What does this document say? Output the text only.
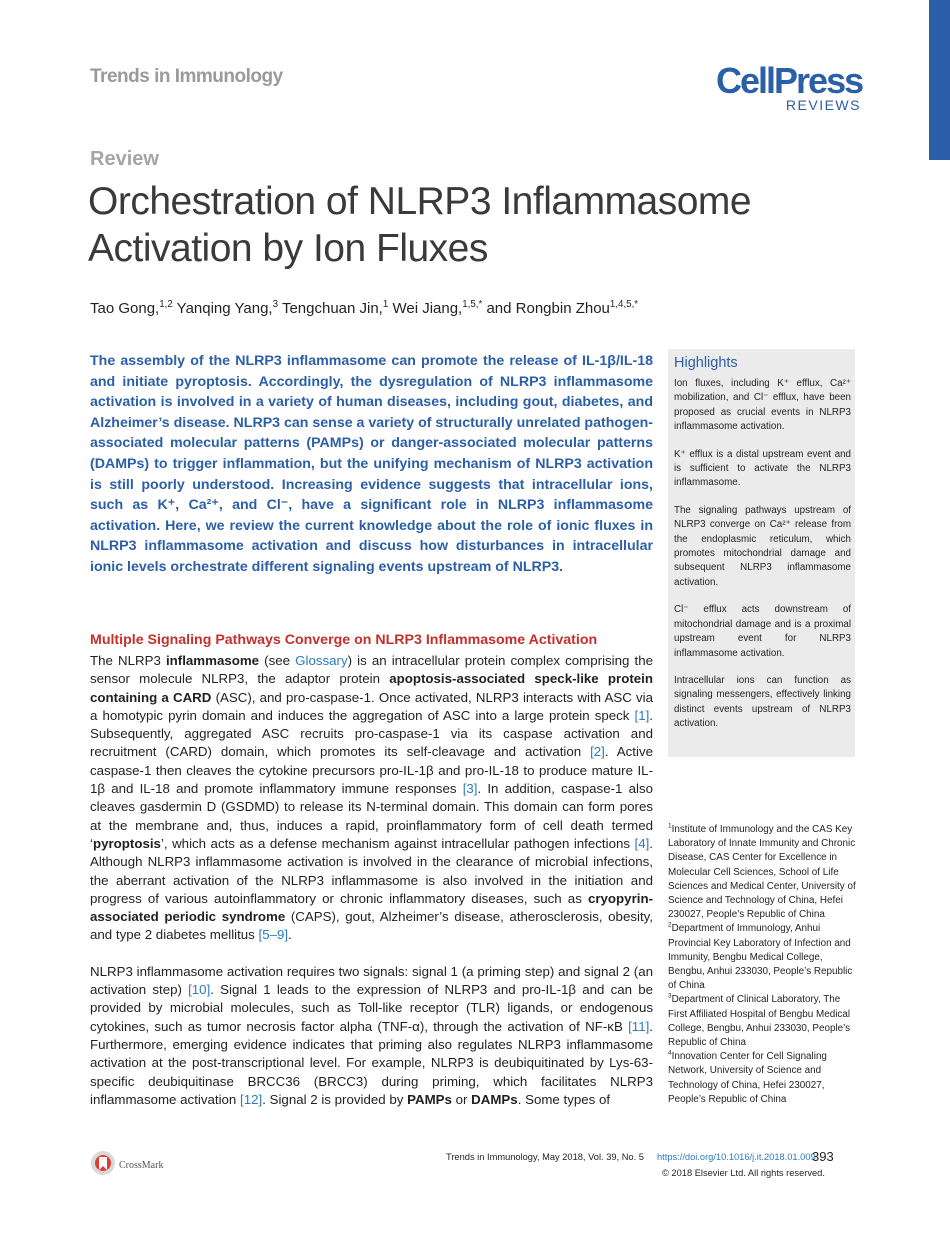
Trends in Immunology	CellPress
REVIEWS
Review
Orchestration of NLRP3 Inflammasome Activation by Ion Fluxes
Tao Gong,$^{1,2}$ Yanqing Yang,$^3$ Tengchuan Jin,$^1$ Wei Jiang,$^{1,5,*}$ and Rongbin Zhou$^{1,4,5,*}$
The assembly of the NLRP3 inflammasome can promote the release of IL-1β/IL-18 and initiate pyroptosis. Accordingly, the dysregulation of NLRP3 inflammasome activation is involved in a variety of human diseases, including gout, diabetes, and Alzheimer’s disease. NLRP3 can sense a variety of structurally unrelated pathogen-associated molecular patterns (PAMPs) or danger-associated molecular patterns (DAMPs) to trigger inflammation, but the unifying mechanism of NLRP3 activation is still poorly understood. Increasing evidence suggests that intracellular ions, such as K⁺, Ca²⁺, and Cl⁻, have a significant role in NLRP3 inflammasome activation. Here, we review the current knowledge about the role of ionic fluxes in NLRP3 inflammasome activation and discuss how disturbances in intracellular ionic levels orchestrate different signaling events upstream of NLRP3.
Multiple Signaling Pathways Converge on NLRP3 Inflammasome Activation

The NLRP3 inflammasome (see Glossary) is an intracellular protein complex comprising the sensor molecule NLRP3, the adaptor protein apoptosis-associated speck-like protein containing a CARD (ASC), and pro-caspase-1. Once activated, NLRP3 interacts with ASC via a homotypic pyrin domain and induces the aggregation of ASC into a large protein speck [1]. Subsequently, aggregated ASC recruits pro-caspase-1 via its caspase activation and recruitment (CARD) domain, which promotes its self-cleavage and activation [2]. Active caspase-1 then cleaves the cytokine precursors pro-IL-1β and pro-IL-18 to produce mature IL-1β and IL-18 and promote inflammatory immune responses [3]. In addition, caspase-1 also cleaves gasdermin D (GSDMD) to release its N-terminal domain. This domain can form pores at the membrane and, thus, induces a rapid, proinflammatory form of cell death termed ‘pyroptosis’, which acts as a defense mechanism against intracellular pathogen infections [4]. Although NLRP3 inflammasome activation is involved in the clearance of microbial infections, the aberrant activation of the NLRP3 inflammasome is also involved in the initiation and progress of various autoinflammatory or chronic inflammatory diseases, such as cryopyrin-associated periodic syndrome (CAPS), gout, Alzheimer’s disease, atherosclerosis, obesity, and type 2 diabetes mellitus [5–9].

NLRP3 inflammasome activation requires two signals: signal 1 (a priming step) and signal 2 (an activation step) [10]. Signal 1 leads to the expression of NLRP3 and pro-IL-1β and can be provided by microbial molecules, such as Toll-like receptor (TLR) ligands, or endogenous cytokines, such as tumor necrosis factor alpha (TNF-α), through the activation of NF-κB [11]. Furthermore, emerging evidence indicates that priming also regulates NLRP3 inflammasome activation at the post-transcriptional level. For example, NLRP3 is deubiquitinated by Lys-63-specific deubiquitinase BRCC36 (BRCC3) during priming, which facilitates NLRP3 inflammasome activation [12]. Signal 2 is provided by PAMPs or DAMPs. Some types of

Highlights

Ion fluxes, including K⁺ efflux, Ca²⁺ mobilization, and Cl⁻ efflux, have been proposed as crucial events in NLRP3 inflammasome activation.

K⁺ efflux is a distal upstream event and is sufficient to activate the NLRP3 inflammasome.

The signaling pathways upstream of NLRP3 converge on Ca²⁺ release from the endoplasmic reticulum, which promotes mitochondrial damage and subsequent NLRP3 inflammasome activation.

Cl⁻ efflux acts downstream of mitochondrial damage and is a proximal upstream event for NLRP3 inflammasome activation.

Intracellular ions can function as signaling messengers, effectively linking distinct events upstream of NLRP3 activation.

$^1$Institute of Immunology and the CAS Key Laboratory of Innate Immunity and Chronic Disease, CAS Center for Excellence in Molecular Cell Sciences, School of Life Sciences and Medical Center, University of Science and Technology of China, Hefei 230027, People’s Republic of China
$^2$Department of Immunology, Anhui Provincial Key Laboratory of Infection and Immunity, Bengbu Medical College, Bengbu, Anhui 233030, People’s Republic of China
$^3$Department of Clinical Laboratory, The First Affiliated Hospital of Bengbu Medical College, Bengbu, Anhui 233030, People’s Republic of China
$^4$Innovation Center for Cell Signaling Network, University of Science and Technology of China, Hefei 230027, People’s Republic of China
CrossMark
Trends in Immunology, May 2018, Vol. 39, No. 5 https://doi.org/10.1016/j.it.2018.01.009
393
© 2018 Elsevier Ltd. All rights reserved.
